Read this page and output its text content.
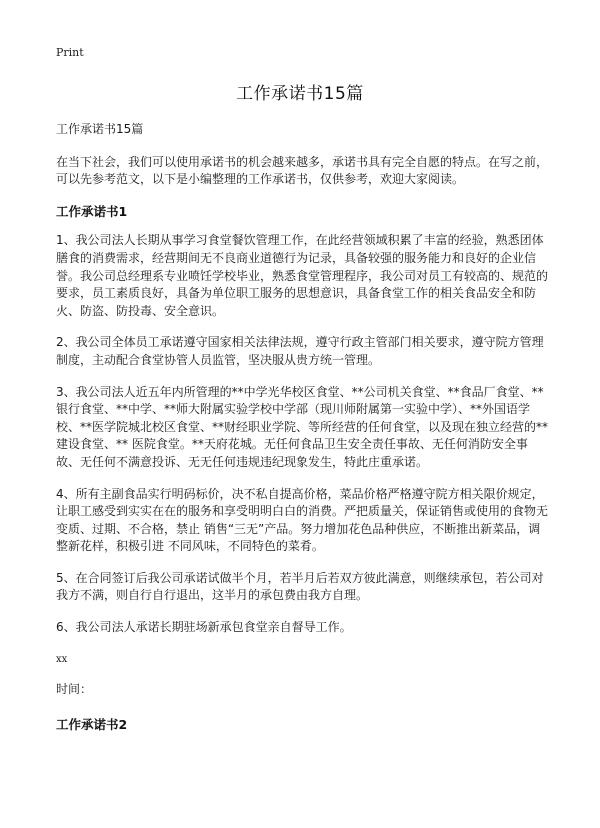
Print

工作承诺书15篇

工作承诺书15篇

在当下社会，我们可以使用承诺书的机会越来越多，承诺书具有完全自愿的特点。在写之前，可以先参考范文，以下是小编整理的工作承诺书，仅供参考，欢迎大家阅读。

工作承诺书1

1、我公司法人长期从事学习食堂餐饮管理工作，在此经营领域积累了丰富的经验，熟悉团体膳食的消费需求，经营期间无不良商业道德行为记录，具备较强的服务能力和良好的企业信誉。我公司总经理系专业喷饪学校毕业，熟悉食堂管理程序，我公司对员工有较高的、规范的要求，员工素质良好，具备为单位职工服务的思想意识，具备食堂工作的相关食品安全和防火、防盗、防投毒、安全意识。

2、我公司全体员工承诺遵守国家相关法律法规，遵守行政主管部门相关要求，遵守院方管理制度，主动配合食堂协管人员监管，坚决服从贵方统一管理。

3、我公司法人近五年内所管理的**中学光华校区食堂、**公司机关食堂、**食品厂食堂、**银行食堂、**中学、**师大附属实验学校中学部（现川师附属第一实验中学）、**外国语学校、**医学院城北校区食堂、**财经职业学院、等所经营的任何食堂，以及现在独立经营的**建设食堂、** 医院食堂。**天府花城。无任何食品卫生安全责任事故、无任何消防安全事故、无任何不满意投诉、无无任何违规违纪现象发生，特此庄重承诺。

4、所有主副食品实行明码标价，决不私自提高价格，菜品价格严格遵守院方相关限价规定，让职工感受到实实在在的服务和享受明明白白的消费。严把质量关，保证销售或使用的食物无变质、过期、不合格，禁止 销售“三无”产品。努力增加花色品种供应，不断推出新菜品，调整新花样，积极引进 不同风味，不同特色的菜肴。

5、在合同签订后我公司承诺试做半个月，若半月后若双方彼此满意，则继续承包，若公司对我方不满，则自行自行退出，这半月的承包费由我方自理。

6、我公司法人承诺长期驻场新承包食堂亲自督导工作。

xx

时间：

工作承诺书2
